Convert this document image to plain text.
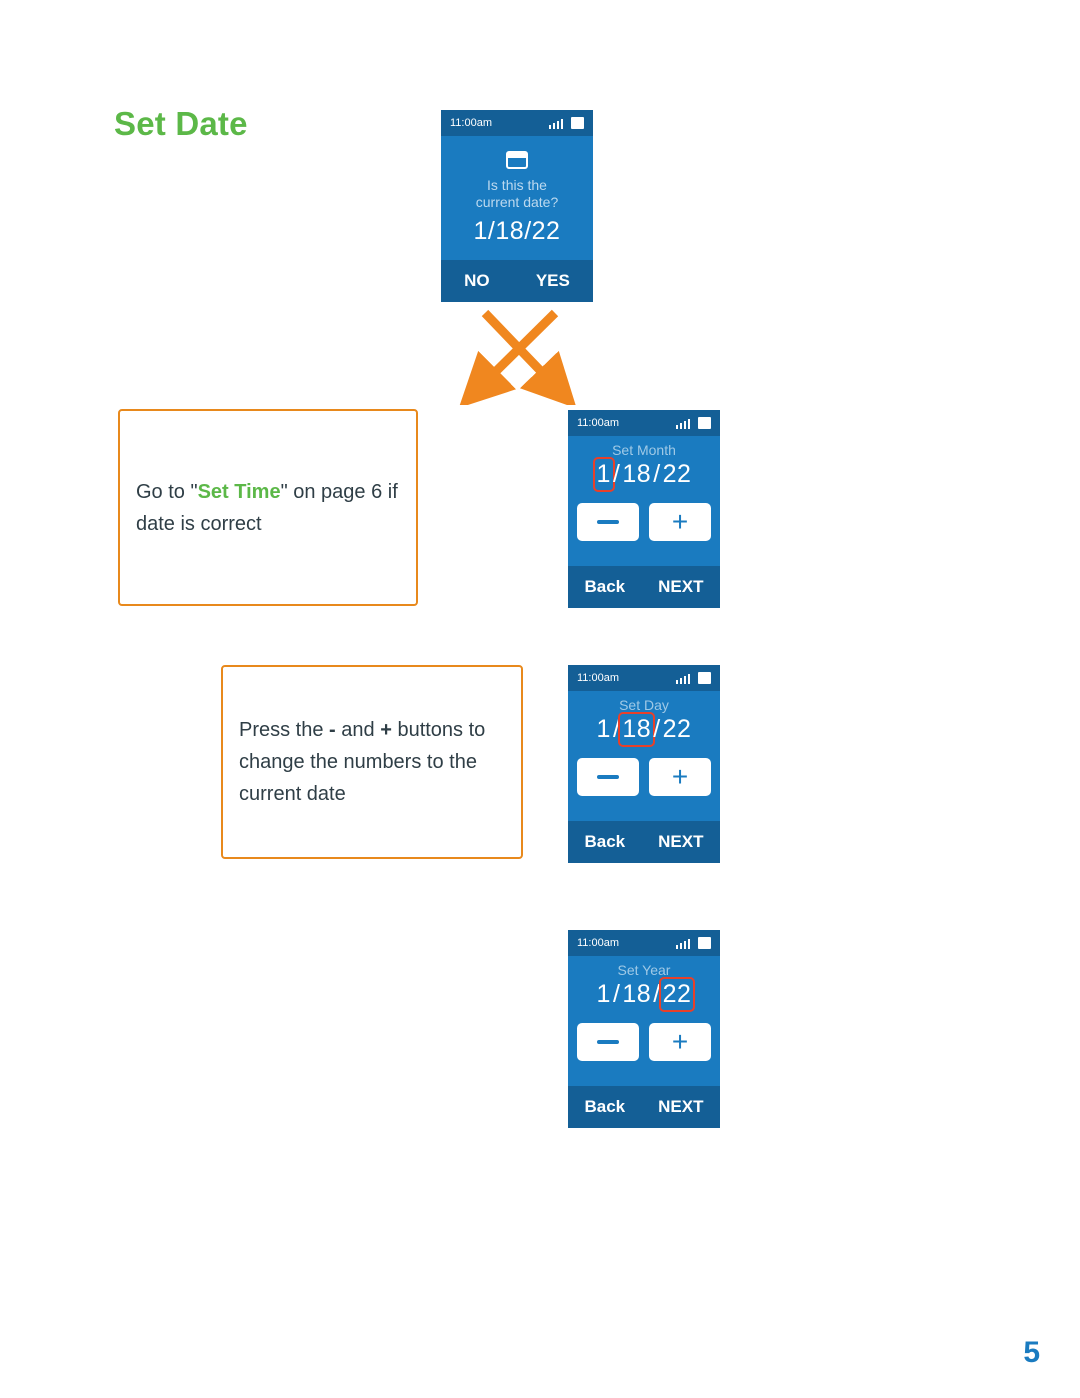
Set Date	11:00am
Is this the
current date?
1/18/22
NO	YES
Go to "Set Time" on page 6 if date is correct
11:00am
Set Month
1 / 18 / 22
+
Back NEXT
Press the - and + buttons to change the numbers to the current date
11:00am
Set Day
1 / 18 / 22
+
Back NEXT
11:00am
Set Year
1 / 18 / 22
+
Back NEXT
5
